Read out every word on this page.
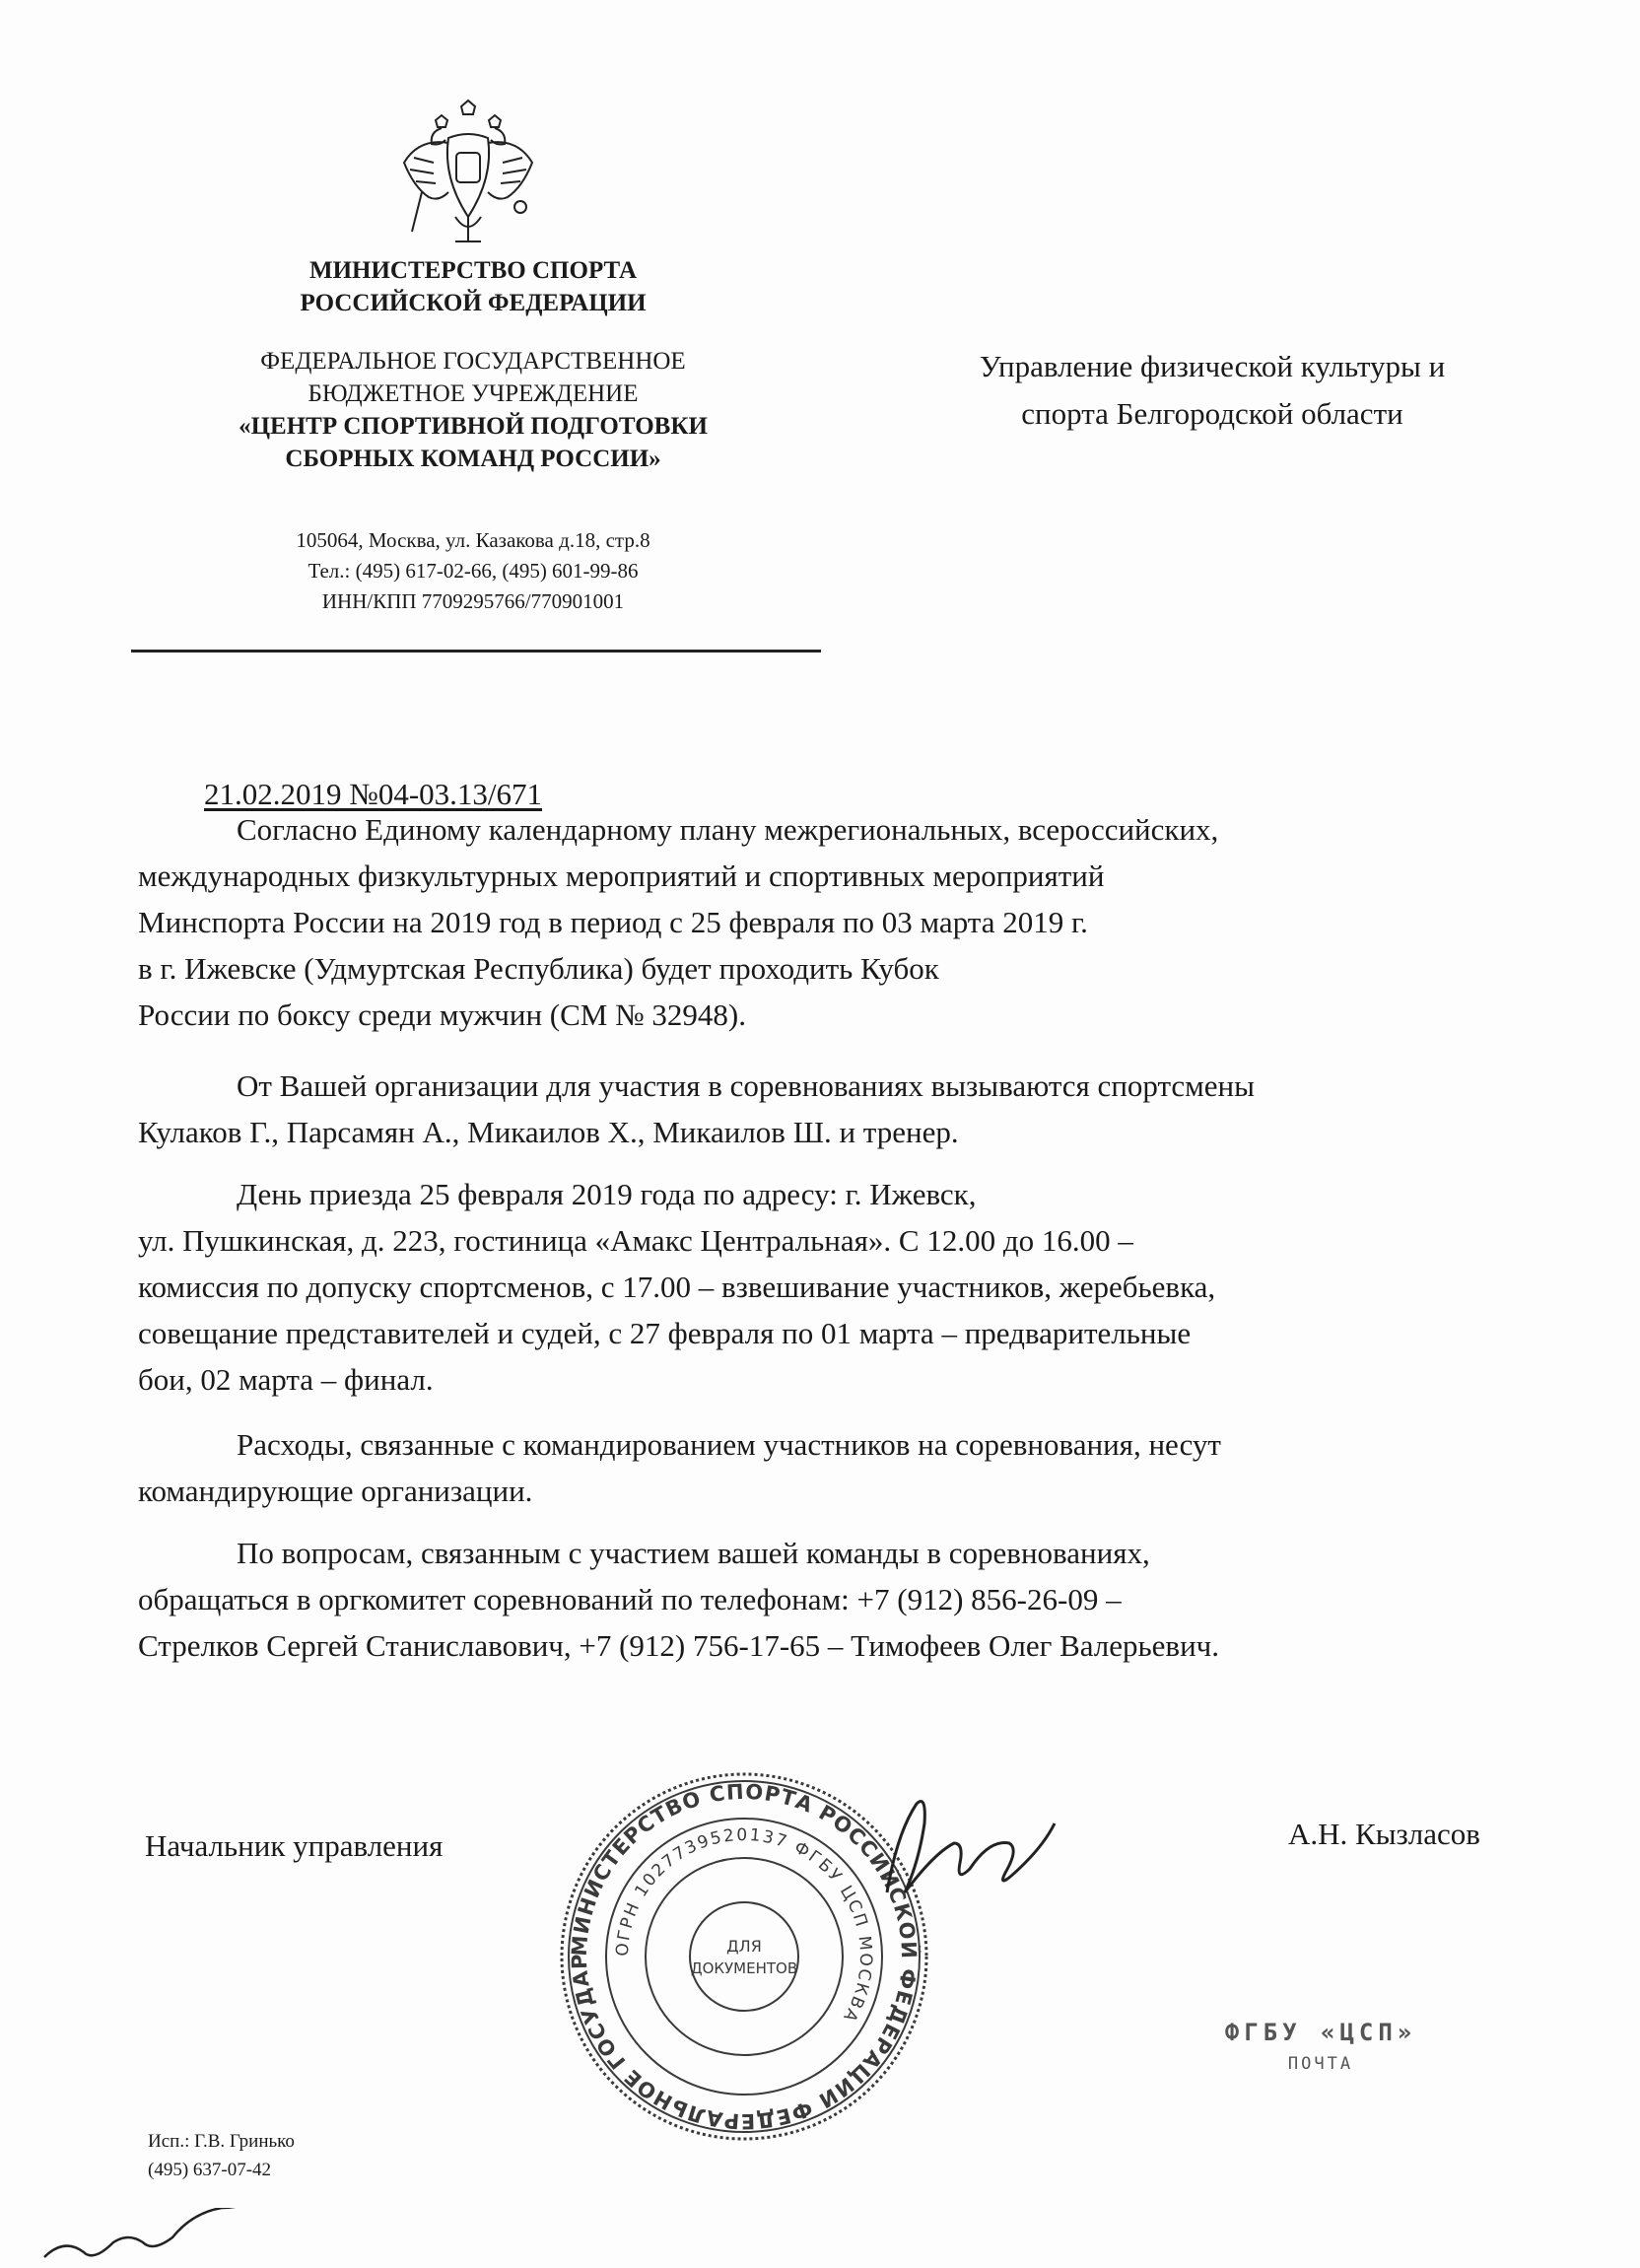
МИНИСТЕРСТВО СПОРТА
РОССИЙСКОЙ ФЕДЕРАЦИИ
ФЕДЕРАЛЬНОЕ ГОСУДАРСТВЕННОЕ
БЮДЖЕТНОЕ УЧРЕЖДЕНИЕ
«ЦЕНТР СПОРТИВНОЙ ПОДГОТОВКИ
СБОРНЫХ КОМАНД РОССИИ»
105064, Москва, ул. Казакова д.18, стр.8
Тел.: (495) 617-02-66, (495) 601-99-86
ИНН/КПП 7709295766/770901001
Управление физической культуры и
спорта Белгородской области
21.02.2019 №04-03.13/671
Согласно Единому календарному плану межрегиональных, всероссийских,
международных физкультурных мероприятий и спортивных мероприятий
Минспорта России на 2019 год в период с 25 февраля по 03 марта 2019 г.
в г. Ижевске (Удмуртская Республика) будет проходить Кубок
России по боксу среди мужчин (СМ № 32948).
От Вашей организации для участия в соревнованиях вызываются спортсмены
Кулаков Г., Парсамян А., Микаилов Х., Микаилов Ш. и тренер.
День приезда 25 февраля 2019 года по адресу: г. Ижевск,
ул. Пушкинская, д. 223, гостиница «Амакс Центральная». С 12.00 до 16.00 –
комиссия по допуску спортсменов, с 17.00 – взвешивание участников, жеребьевка,
совещание представителей и судей, с 27 февраля по 01 марта – предварительные
бои, 02 марта – финал.
Расходы, связанные с командированием участников на соревнования, несут
командирующие организации.
По вопросам, связанным с участием вашей команды в соревнованиях,
обращаться в оргкомитет соревнований по телефонам: +7 (912) 856-26-09 –
Стрелков Сергей Станиславович, +7 (912) 756-17-65 – Тимофеев Олег Валерьевич.
Начальник управления	А.Н. Кызласов
МИНИСТЕРСТВО СПОРТА РОССИЙСКОЙ ФЕДЕРАЦИИ ФЕДЕРАЛЬНОЕ ГОСУДАР
ОГРН 1027739520137 ФГБУ ЦСП МОСКВА
ДЛЯ
ДОКУМЕНТОВ
ФГБУ «ЦСП»
ПОЧТА
Исп.: Г.В. Гринько
(495) 637-07-42
